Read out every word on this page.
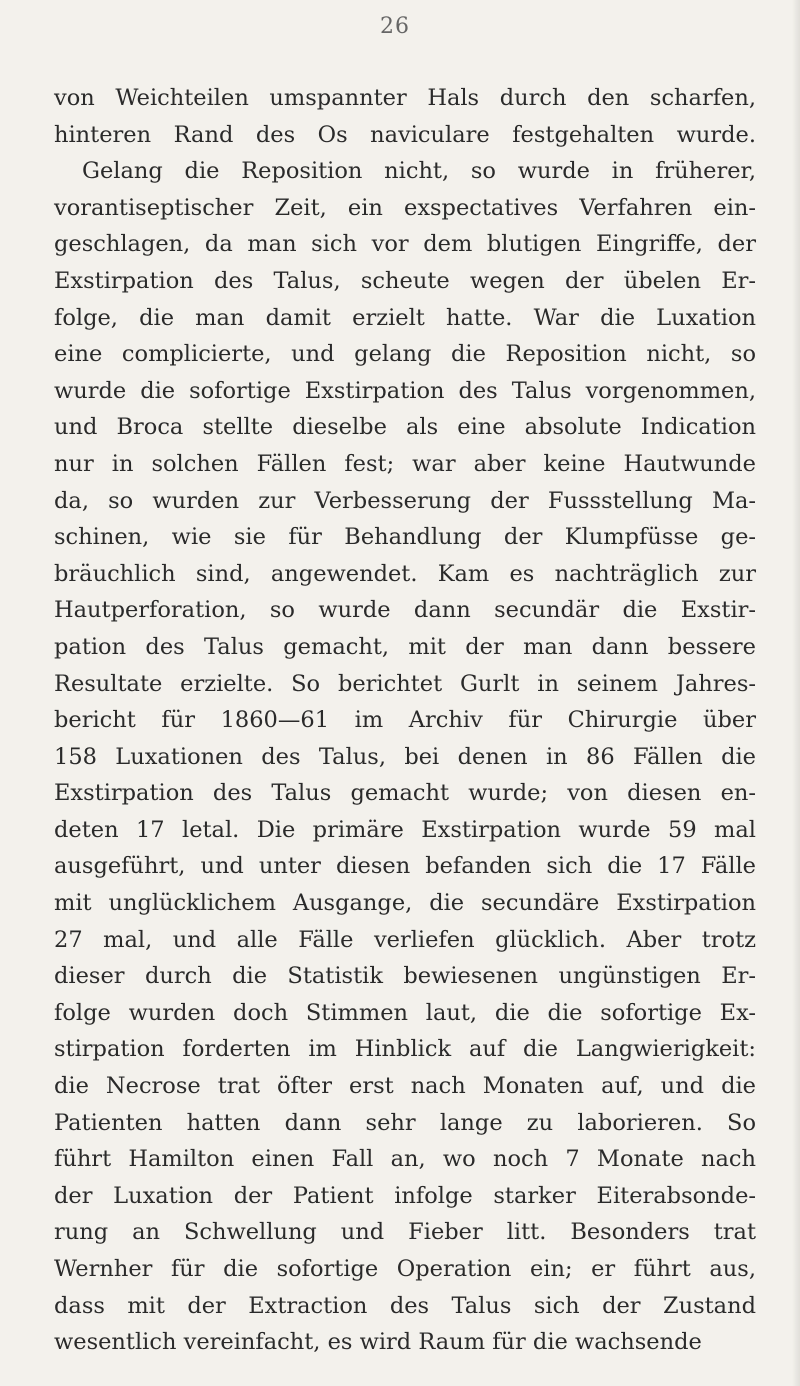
26
von Weichteilen umspannter Hals durch den scharfen,
hinteren Rand des Os naviculare festgehalten wurde.
Gelang die Reposition nicht, so wurde in früherer,
vorantiseptischer Zeit, ein exspectatives Verfahren ein-
geschlagen, da man sich vor dem blutigen Eingriffe, der
Exstirpation des Talus, scheute wegen der übelen Er-
folge, die man damit erzielt hatte. War die Luxation
eine complicierte, und gelang die Reposition nicht, so
wurde die sofortige Exstirpation des Talus vorgenommen,
und Broca stellte dieselbe als eine absolute Indication
nur in solchen Fällen fest; war aber keine Hautwunde
da, so wurden zur Verbesserung der Fussstellung Ma-
schinen, wie sie für Behandlung der Klumpfüsse ge-
bräuchlich sind, angewendet. Kam es nachträglich zur
Hautperforation, so wurde dann secundär die Exstir-
pation des Talus gemacht, mit der man dann bessere
Resultate erzielte. So berichtet Gurlt in seinem Jahres-
bericht für 1860—61 im Archiv für Chirurgie über
158 Luxationen des Talus, bei denen in 86 Fällen die
Exstirpation des Talus gemacht wurde; von diesen en-
deten 17 letal. Die primäre Exstirpation wurde 59 mal
ausgeführt, und unter diesen befanden sich die 17 Fälle
mit unglücklichem Ausgange, die secundäre Exstirpation
27 mal, und alle Fälle verliefen glücklich. Aber trotz
dieser durch die Statistik bewiesenen ungünstigen Er-
folge wurden doch Stimmen laut, die die sofortige Ex-
stirpation forderten im Hinblick auf die Langwierigkeit:
die Necrose trat öfter erst nach Monaten auf, und die
Patienten hatten dann sehr lange zu laborieren. So
führt Hamilton einen Fall an, wo noch 7 Monate nach
der Luxation der Patient infolge starker Eiterabsonde-
rung an Schwellung und Fieber litt. Besonders trat
Wernher für die sofortige Operation ein; er führt aus,
dass mit der Extraction des Talus sich der Zustand
wesentlich vereinfacht, es wird Raum für die wachsende
